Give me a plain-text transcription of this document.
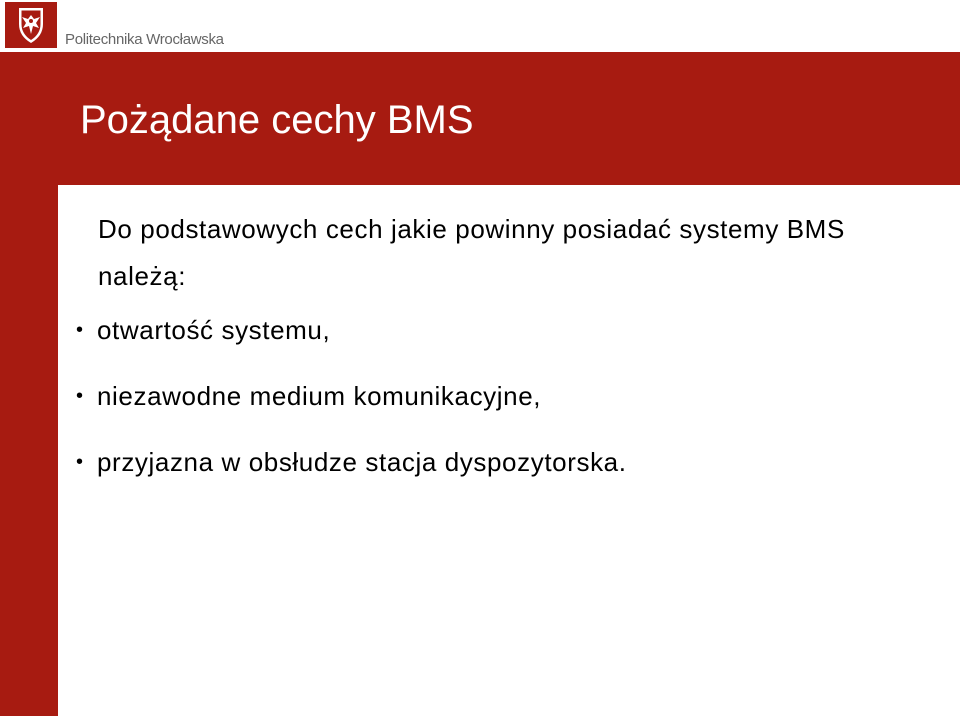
Politechnika Wrocławska
Pożądane cechy BMS

Do podstawowych cech jakie powinny posiadać systemy BMS należą:

• otwartość systemu,
• niezawodne medium komunikacyjne,
• przyjazna w obsłudze stacja dyspozytorska.
